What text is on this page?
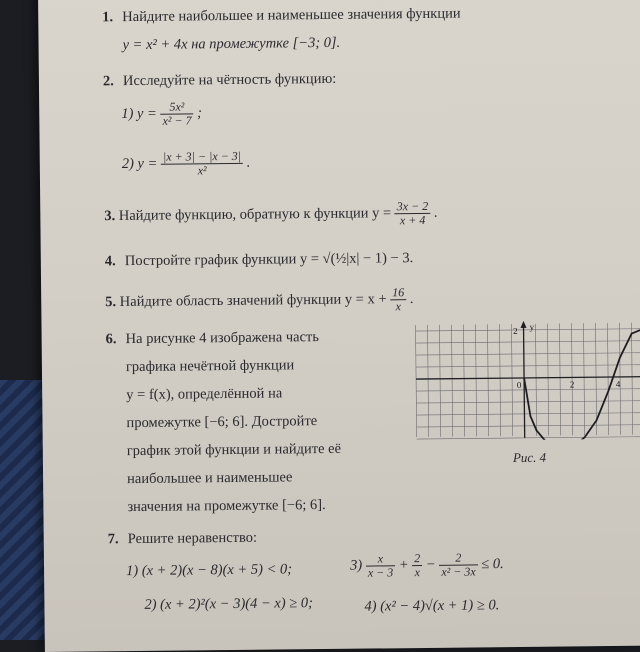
1. Найдите наибольшее и наименьшее значения функции
y = x² + 4x на промежутке [−3; 0].
2. Исследуйте на чётность функцию:
1) $y = \frac{\text{5x²}}{\text{x² − 7}}$ ;
2) $y = \frac{|x + 3| - |x - 3|}{\text{x²}}$ .
3. Найдите функцию, обратную к функции $y = \frac{3x - 2}{x + 4}$ .
4. Постройте график функции y = √(½|x| − 1) − 3.
5. Найдите область значений функции $y = x + \frac{16}{x}$ .
6. На рисунке 4 изображена часть
графика нечётной функции
y = f(x), определённой на
промежутке [−6; 6]. Дострoйте
график этой функции и найдите её
наибольшее и наименьшее
значения на промежутке [−6; 6].
0	2	4
2 y
Рис. 4
7. Решите неравенство:
1) (x + 2)(x − 8)(x + 5) < 0;
2) (x + 2)²(x − 3)(4 − x) ≥ 0;
$3) \frac{x}{x - 3} + \frac{2}{x} - \frac{2}{\text{x² − 3x}} \le 0$.
4) (x² − 4)√(x + 1) ≥ 0.
